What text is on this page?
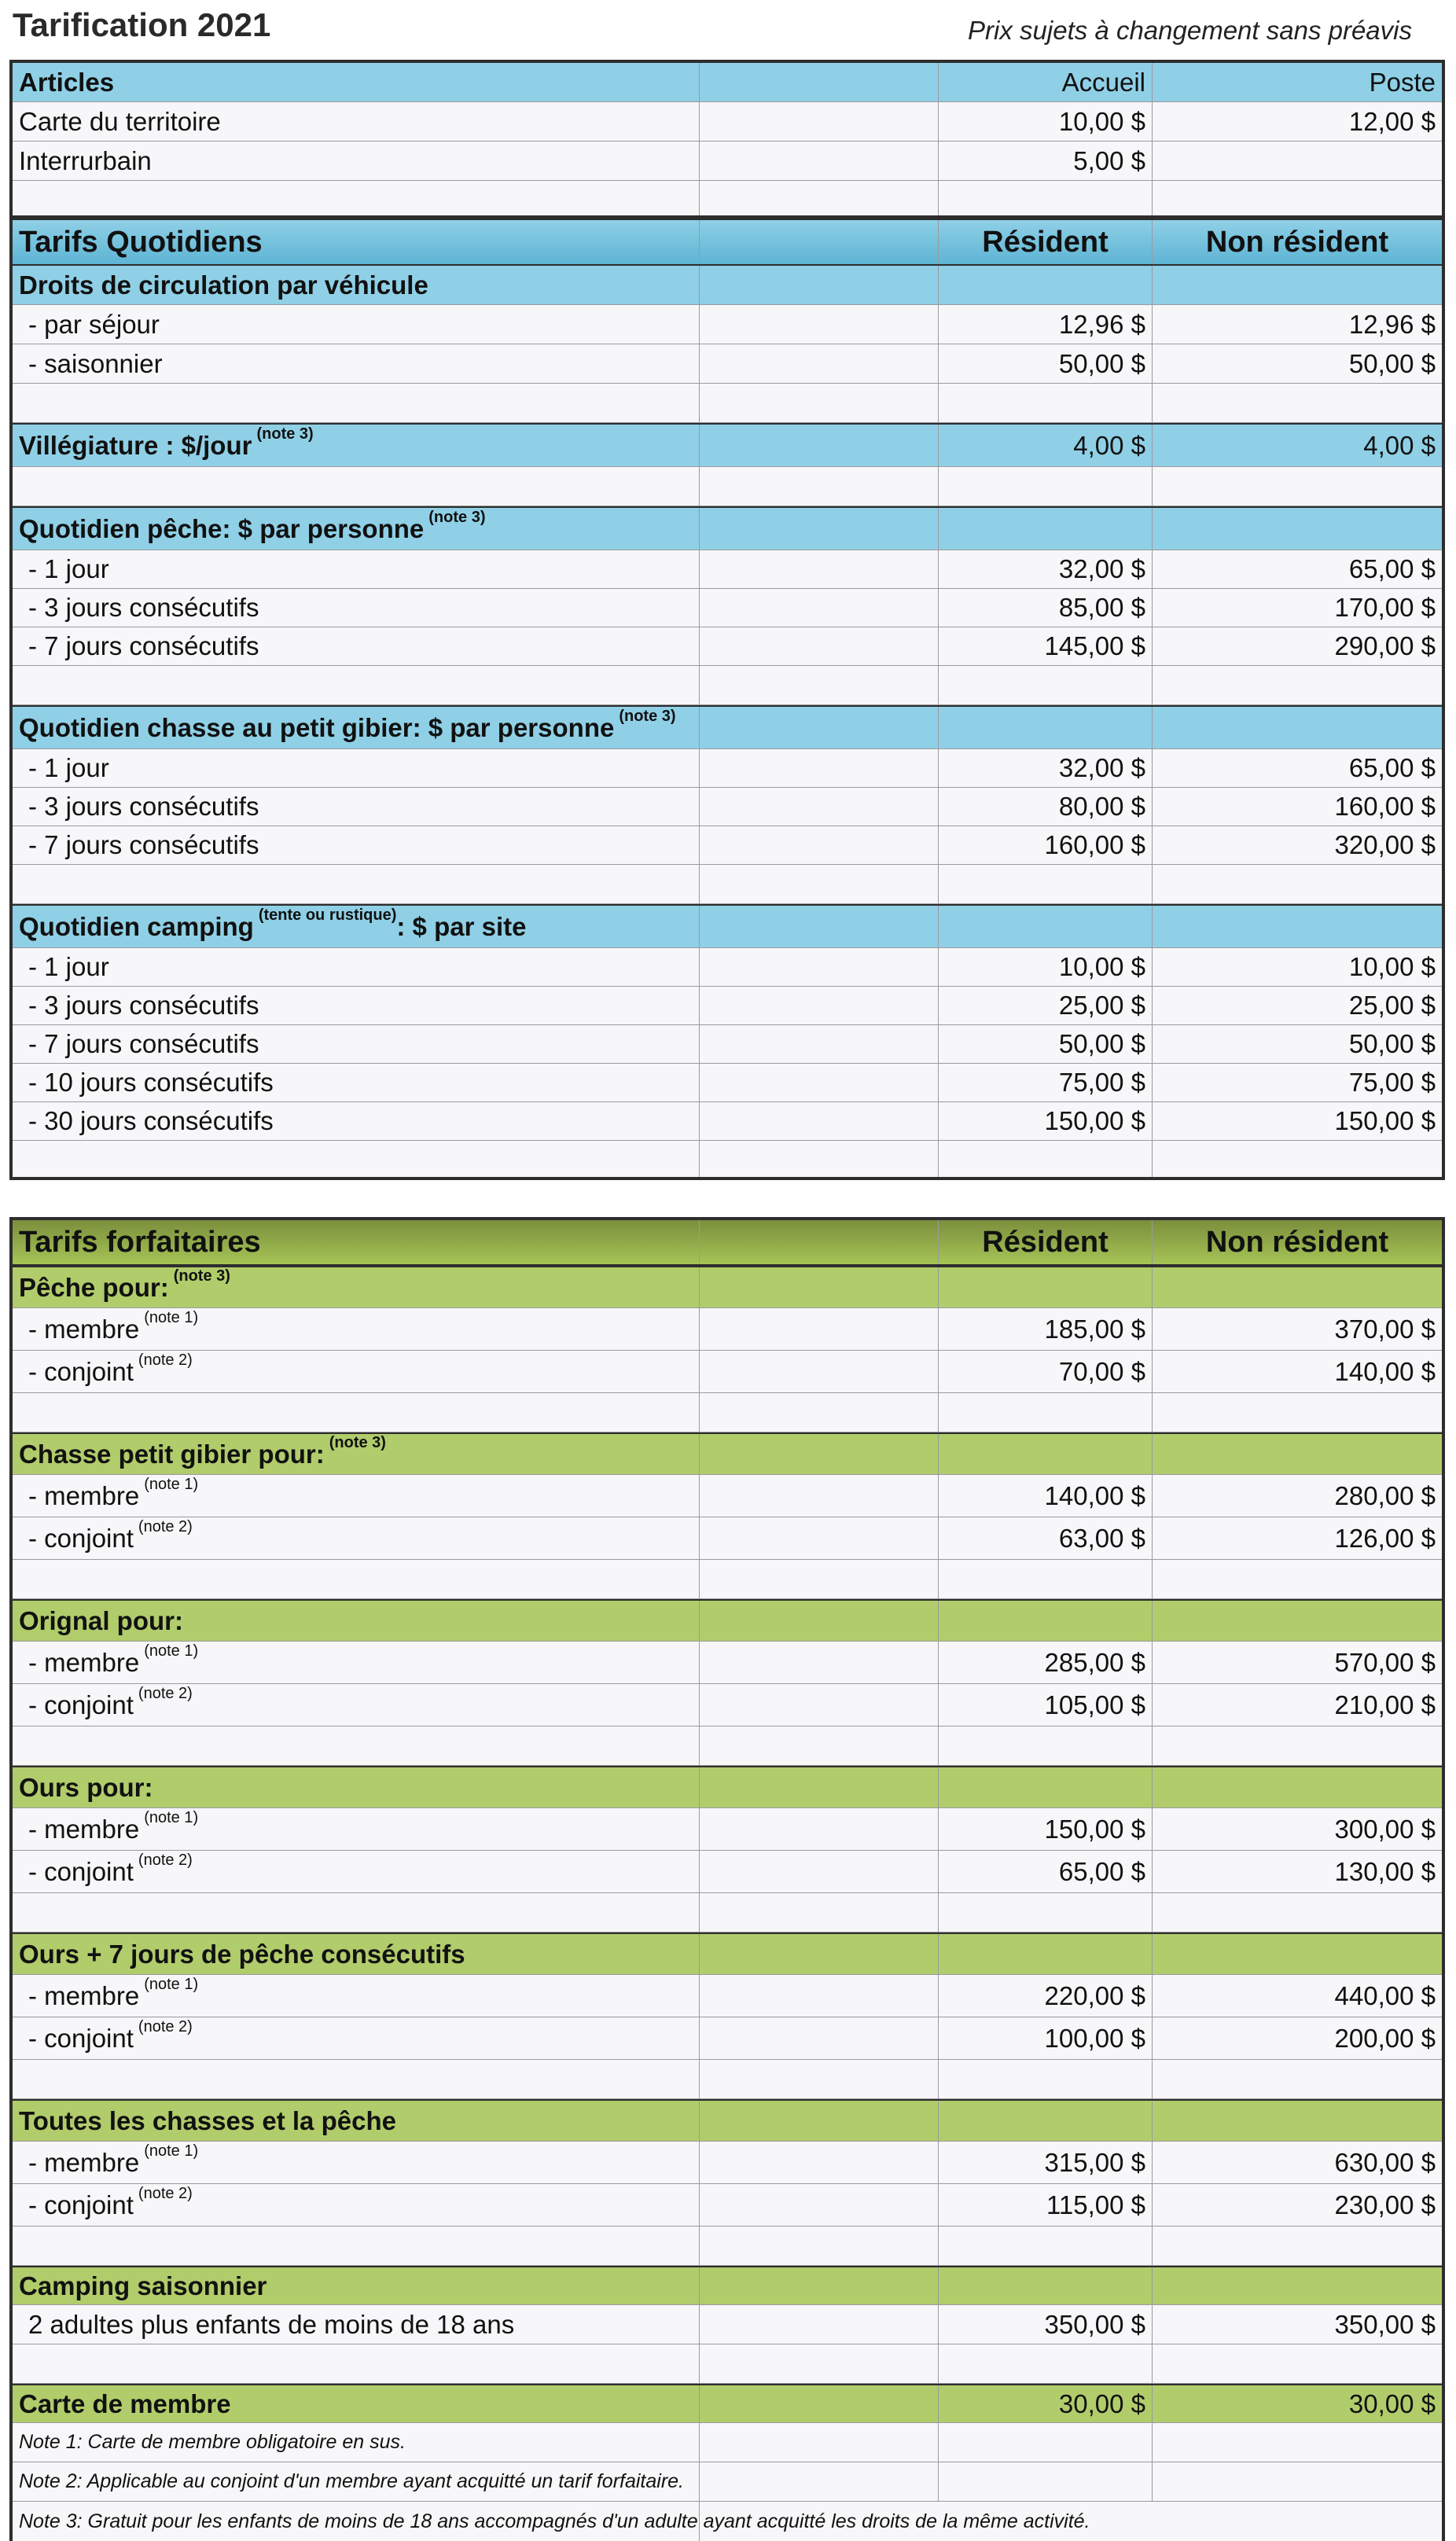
Tarification 2021	Prix sujets à changement sans préavis
Articles	Accueil	Poste
Carte du territoire	10,00 $	12,00 $
Interrurbain	5,00 $
Tarifs Quotidiens	Résident	Non résident
Droits de circulation par véhicule
- par séjour	12,96 $	12,96 $
- saisonnier	50,00 $	50,00 $
Villégiature : $/jour $^{(note 3)}$	4,00 $	4,00 $
Quotidien pêche: $ par personne $^{(note 3)}$
- 1 jour	32,00 $	65,00 $
- 3 jours consécutifs	85,00 $	170,00 $
- 7 jours consécutifs	145,00 $	290,00 $
Quotidien chasse au petit gibier: $ par personne $^{(note 3)}$
- 1 jour	32,00 $	65,00 $
- 3 jours consécutifs	80,00 $	160,00 $
- 7 jours consécutifs	160,00 $	320,00 $
Quotidien camping $^{(tente ou rustique)}$ : $ par site
- 1 jour	10,00 $	10,00 $
- 3 jours consécutifs	25,00 $	25,00 $
- 7 jours consécutifs	50,00 $	50,00 $
- 10 jours consécutifs	75,00 $	75,00 $
- 30 jours consécutifs	150,00 $	150,00 $
Tarifs forfaitaires	Résident	Non résident
Pêche pour: $^{(note 3)}$
- membre $^{(note 1)}$	185,00 $	370,00 $
- conjoint $^{(note 2)}$	70,00 $	140,00 $
Chasse petit gibier pour: $^{(note 3)}$
- membre $^{(note 1)}$	140,00 $	280,00 $
- conjoint $^{(note 2)}$	63,00 $	126,00 $
Orignal pour:
- membre $^{(note 1)}$	285,00 $	570,00 $
- conjoint $^{(note 2)}$	105,00 $	210,00 $
Ours pour:
- membre $^{(note 1)}$	150,00 $	300,00 $
- conjoint $^{(note 2)}$	65,00 $	130,00 $
Ours + 7 jours de pêche consécutifs
- membre $^{(note 1)}$	220,00 $	440,00 $
- conjoint $^{(note 2)}$	100,00 $	200,00 $
Toutes les chasses et la pêche
- membre $^{(note 1)}$	315,00 $	630,00 $
- conjoint $^{(note 2)}$	115,00 $	230,00 $
Camping saisonnier
2 adultes plus enfants de moins de 18 ans	350,00 $	350,00 $
Carte de membre	30,00 $	30,00 $
Note 1: Carte de membre obligatoire en sus.
Note 2: Applicable au conjoint d'un membre ayant acquitté un tarif forfaitaire.
Note 3: Gratuit pour les enfants de moins de 18 ans accompagnés d'un adulte ayant acquitté les droits de la même activité.
